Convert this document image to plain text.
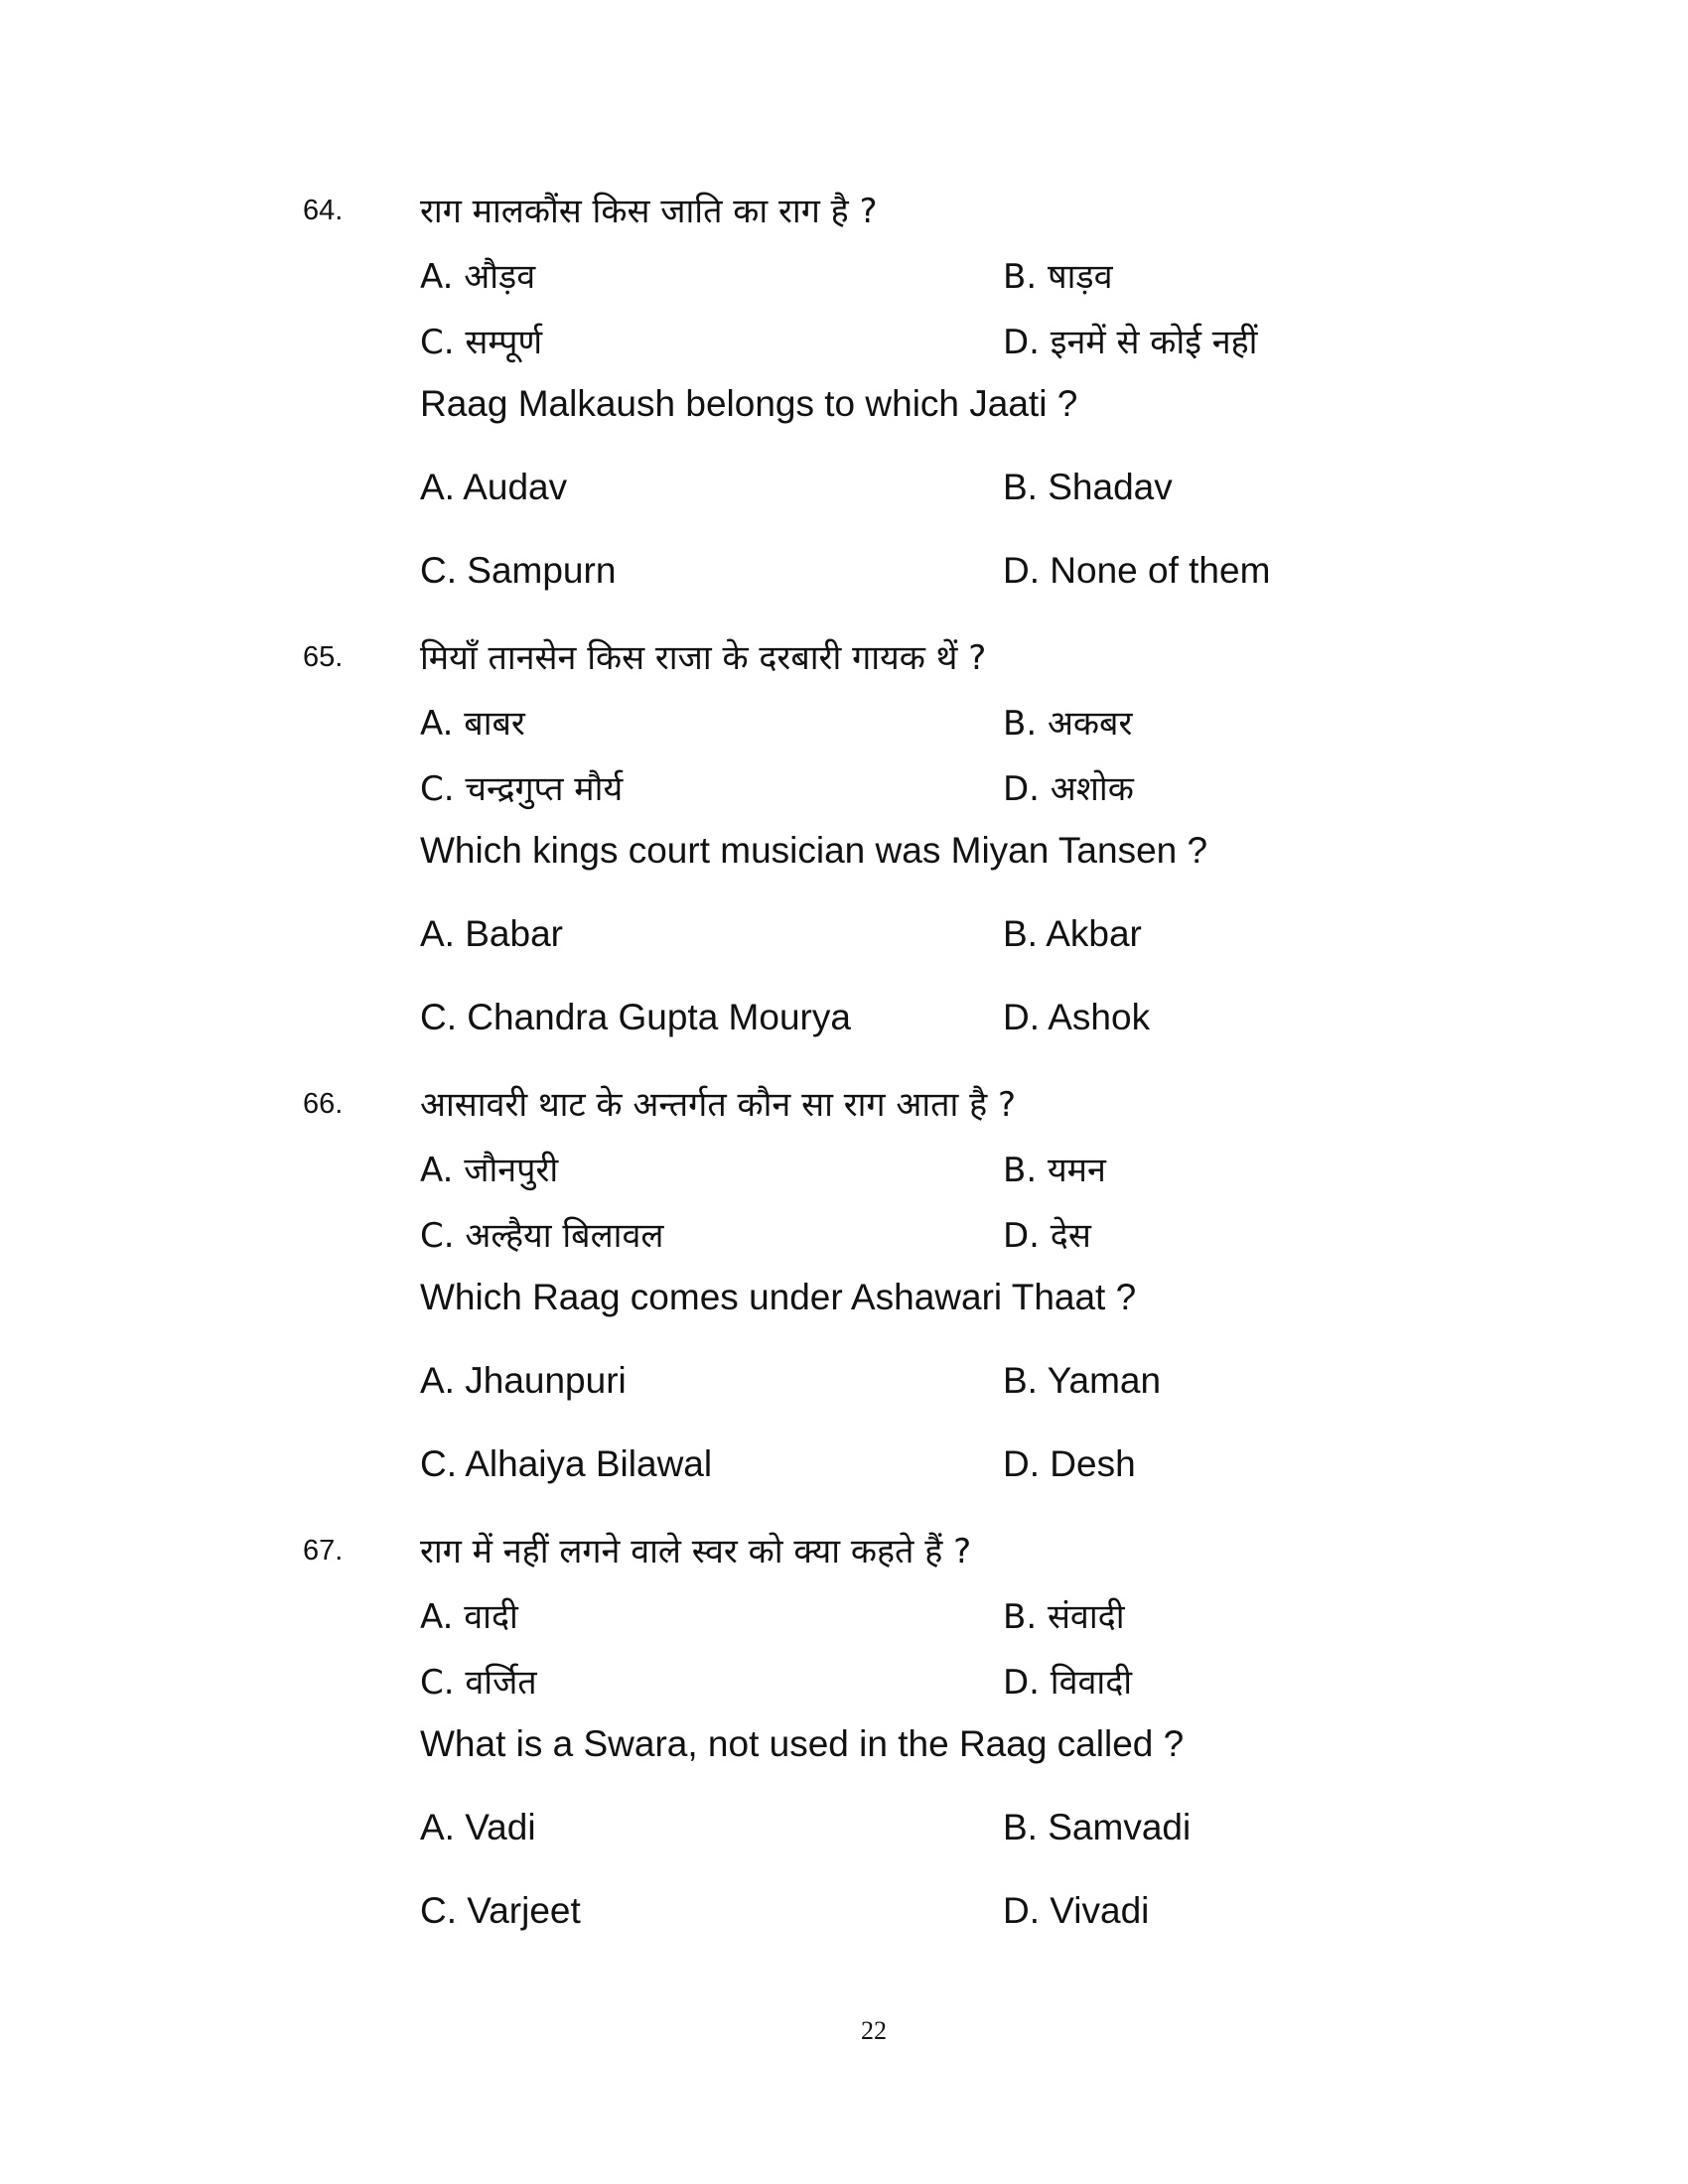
64. राग मालकौंस किस जाति का राग है ?
A. औड़व	B. षाड़व
C. सम्पूर्ण	D. इनमें से कोई नहीं
Raag Malkaush belongs to which Jaati ?
A. Audav	B. Shadav
C. Sampurn	D. None of them
65. मियाँ तानसेन किस राजा के दरबारी गायक थें ?
A. बाबर	B. अकबर
C. चन्द्रगुप्त मौर्य	D. अशोक
Which kings court musician was Miyan Tansen ?
A. Babar	B. Akbar
C. Chandra Gupta Mourya	D. Ashok
66. आसावरी थाट के अन्तर्गत कौन सा राग आता है ?
A. जौनपुरी	B. यमन
C. अल्हैया बिलावल	D. देस
Which Raag comes under Ashawari Thaat ?
A. Jhaunpuri	B. Yaman
C. Alhaiya Bilawal	D. Desh
67. राग में नहीं लगने वाले स्वर को क्या कहते हैं ?
A. वादी	B. संवादी
C. वर्जित	D. विवादी
What is a Swara, not used in the Raag called ?
A. Vadi	B. Samvadi
C. Varjeet	D. Vivadi
22
